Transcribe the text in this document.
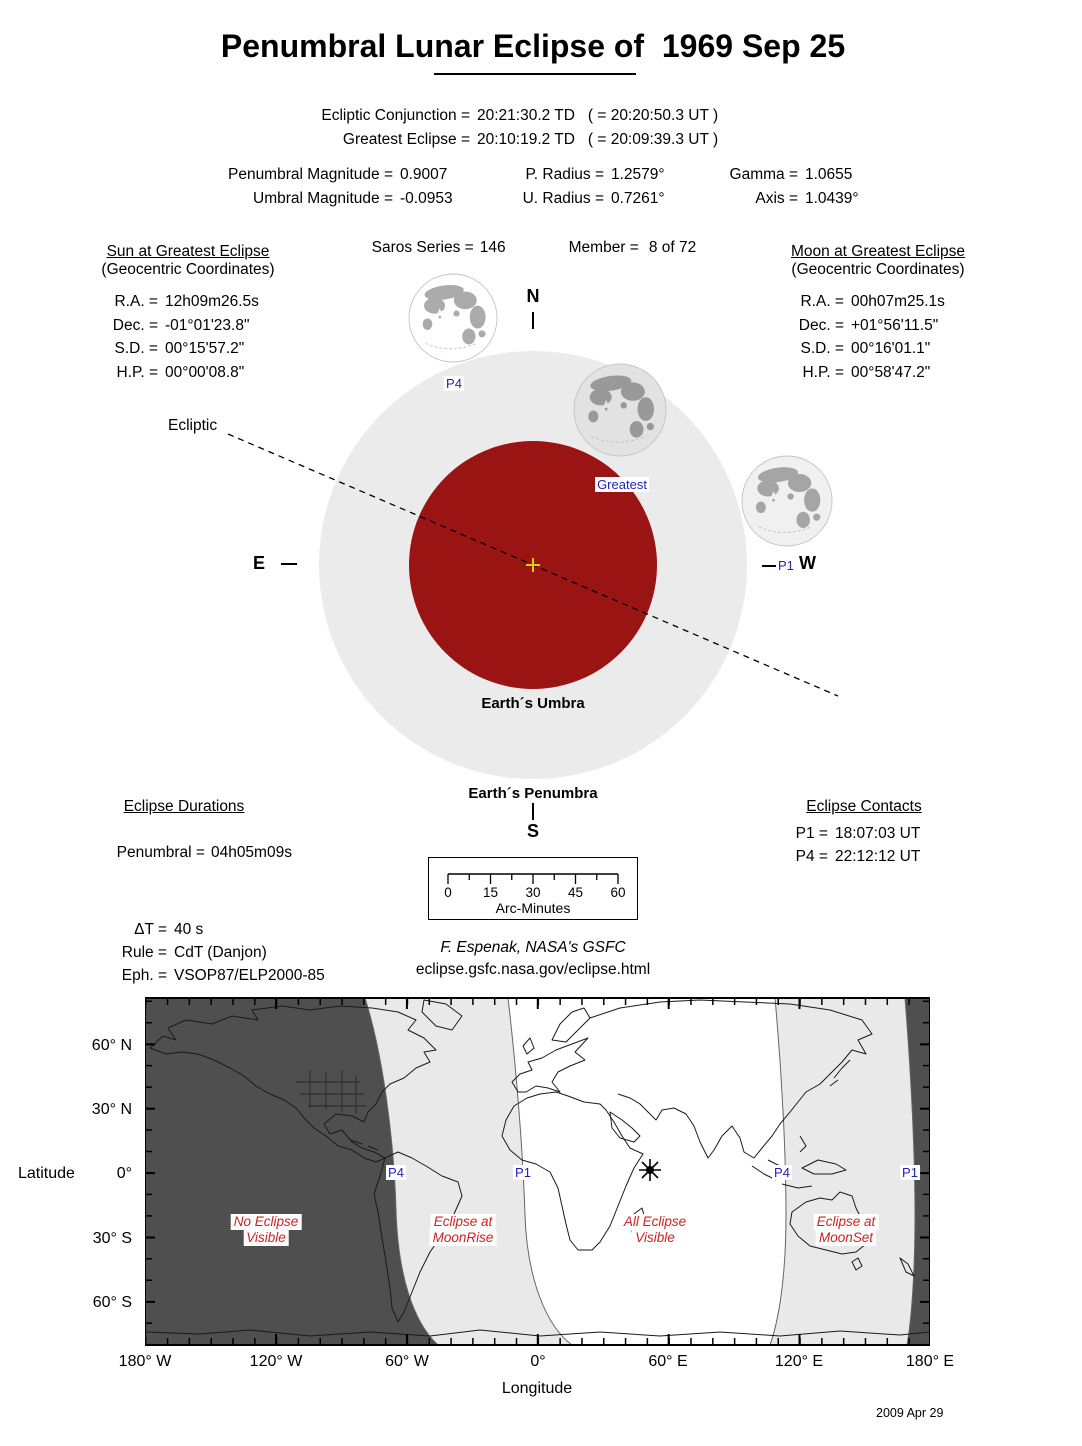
Penumbral Lunar Eclipse of  1969 Sep 25
Ecliptic Conjunction = 20:21:30.2 TD   ( = 20:20:50.3 UT )
Greatest Eclipse = 20:10:19.2 TD   ( = 20:09:39.3 UT )
Penumbral Magnitude = 0.9007
Umbral Magnitude = -0.0953
P. Radius = 1.2579°
U. Radius = 0.7261°
Gamma = 1.0655
Axis = 1.0439°

Saros Series = 146	Member = 8 of 72

Sun at Greatest Eclipse
(Geocentric Coordinates)
R.A. = 12h09m26.5s
Dec. = -01°01'23.8"
S.D. = 00°15'57.2"
H.P. = 00°00'08.8"
Moon at Greatest Eclipse
(Geocentric Coordinates)
R.A. = 00h07m25.1s
Dec. = +01°56'11.5"
S.D. = 00°16'01.1"
H.P. = 00°58'47.2"
Ecliptic
N
E	W
S
P4
Greatest
P1
Earth´s Umbra
Earth´s Penumbra
Eclipse Durations

Penumbral = 04h05m09s

Eclipse Contacts
P1 = 18:07:03 UT
P4 = 22:12:12 UT
0 15 30 45 60
Arc-Minutes
ΔT = 40 s
Rule = CdT (Danjon)
Eph. = VSOP87/ELP2000-85
F. Espenak, NASA's GSFC
eclipse.gsfc.nasa.gov/eclipse.html
P4	P1	P4	P1
No Eclipse
Visible
Eclipse at
MoonRise
All Eclipse
Visible
Eclipse at
MoonSet
60° N
30° N
0°
30° S
60° S
Latitude
180° W	120° W	60° W	0°	60° E	120° E	180° E
Longitude
2009 Apr 29
